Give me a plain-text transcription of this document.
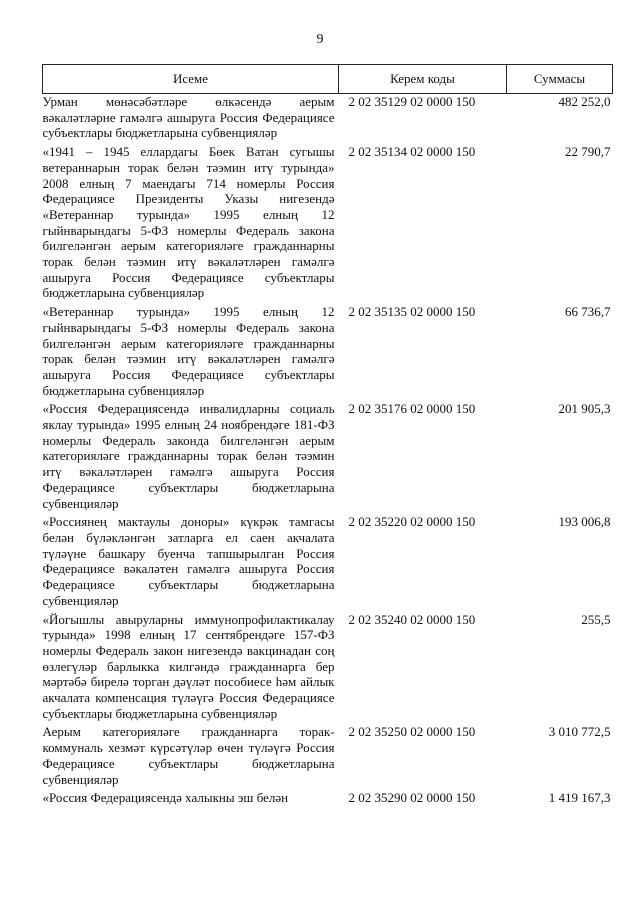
9
Исеме	Керем коды	Суммасы
Урман мөнәсәбәтләре өлкәсендә аерым вәкаләтләрне гамәлгә ашыруга Россия Федерациясе субъектлары бюджетларына субвенцияләр	2 02 35129 02 0000 150	482 252,0

«1941 – 1945 еллардагы Бөек Ватан сугышы ветераннарын торак белән тәэмин итү турында» 2008 елның 7 маендагы 714 номерлы Россия Федерациясе Президенты Указы нигезендә «Ветераннар турында» 1995 елның 12 гыйнварындагы 5-ФЗ номерлы Федераль закона билгеләнгән аерым категорияләге гражданнарны торак белән тәэмин итү вәкаләтләрен гамәлгә ашыруга Россия Федерациясе субъектлары бюджетларына субвенцияләр	2 02 35134 02 0000 150	22 790,7

«Ветераннар турында» 1995 елның 12 гыйнварындагы 5-ФЗ номерлы Федераль закона билгеләнгән аерым категорияләге гражданнарны торак белән тәэмин итү вәкаләтләрен гамәлгә ашыруга Россия Федерациясе субъектлары бюджетларына субвенцияләр	2 02 35135 02 0000 150	66 736,7

«Россия Федерациясендә инвалидларны социаль яклау турында» 1995 елның 24 ноябрендәге 181-ФЗ номерлы Федераль законда билгеләнгән аерым категорияләге гражданнарны торак белән тәэмин итү вәкаләтләрен гамәлгә ашыруга Россия Федерациясе субъектлары бюджетларына субвенцияләр	2 02 35176 02 0000 150	201 905,3

«Россиянең мактаулы доноры» күкрәк тамгасы белән бүләкләнгән затларга ел саен акчалата түләүне башкару буенча тапшырылган Россия Федерациясе вәкаләтен гамәлгә ашыруга Россия Федерациясе субъектлары бюджетларына субвенцияләр	2 02 35220 02 0000 150	193 006,8

«Йогышлы авыруларны иммунопрофилактикалау турында» 1998 елның 17 сентябрендәге 157-ФЗ номерлы Федераль закон нигезендә вакцинадан соң өзлегүләр барлыкка килгәндә гражданнарга бер мәртәбә бирелә торган дәүләт пособиесе һәм айлык акчалата компенсация түләүгә Россия Федерациясе субъектлары бюджетларына субвенцияләр	2 02 35240 02 0000 150	255,5

Аерым категорияләге гражданнарга торак-коммуналь хезмәт күрсәтүләр өчен түләүгә Россия Федерациясе субъектлары бюджетларына субвенцияләр	2 02 35250 02 0000 150	3 010 772,5

«Россия Федерациясендә халыкны эш белән	2 02 35290 02 0000 150	1 419 167,3
